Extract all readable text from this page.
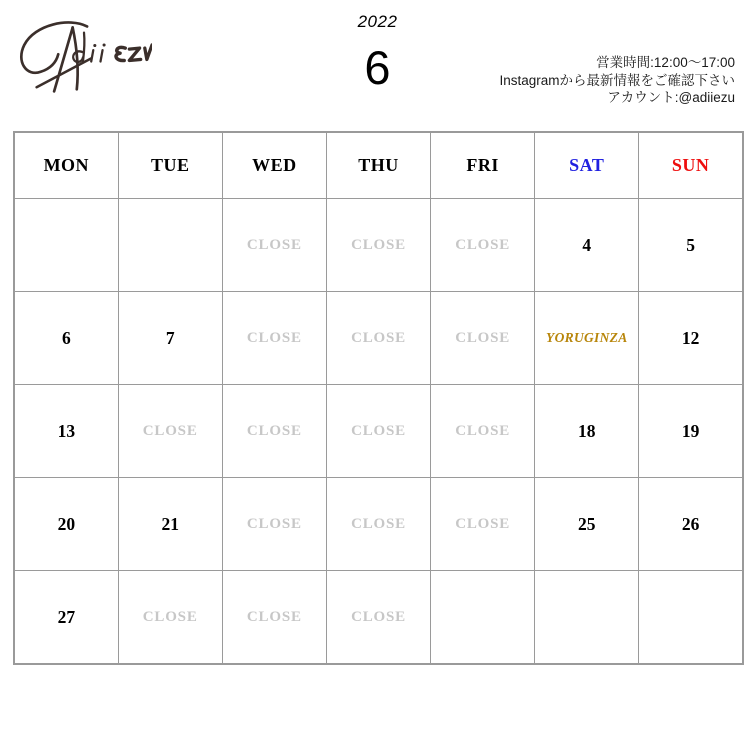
2022
6	営業時間:12:00〜17:00
Instagramから最新情報をご確認下さい
アカウント:@adiiezu
MON	TUE	WED	THU	FRI	SAT	SUN
		CLOSE	CLOSE	CLOSE	4	5
6	7	CLOSE	CLOSE	CLOSE	YORUGINZA	12
13	CLOSE	CLOSE	CLOSE	CLOSE	18	19
20	21	CLOSE	CLOSE	CLOSE	25	26
27	CLOSE	CLOSE	CLOSE			
